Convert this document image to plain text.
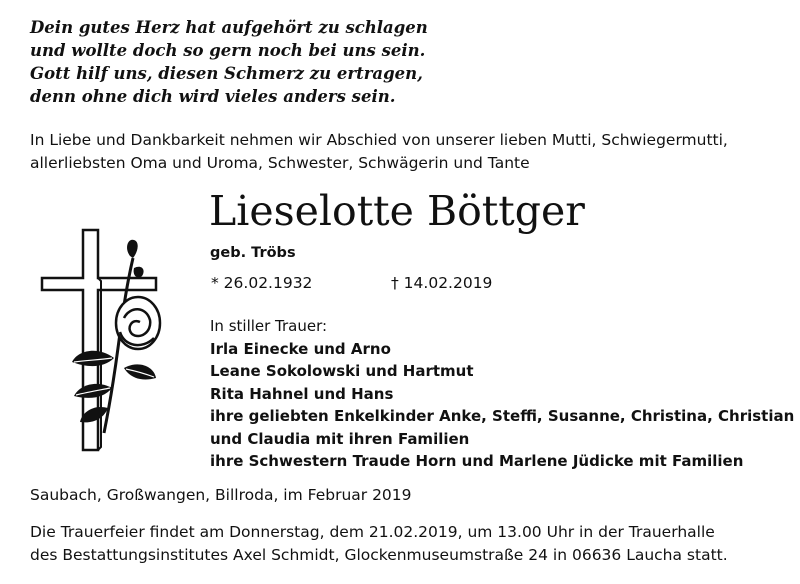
Dein gutes Herz hat aufgehört zu schlagen
und wollte doch so gern noch bei uns sein.
Gott hilf uns, diesen Schmerz zu ertragen,
denn ohne dich wird vieles anders sein.
In Liebe und Dankbarkeit nehmen wir Abschied von unserer lieben Mutti, Schwiegermutti,
allerliebsten Oma und Uroma, Schwester, Schwägerin und Tante
Lieselotte Böttger
geb. Tröbs
* 26.02.1932	† 14.02.2019
In stiller Trauer:
Irla Einecke und Arno
Leane Sokolowski und Hartmut
Rita Hahnel und Hans
ihre geliebten Enkelkinder Anke, Steffi, Susanne, Christina, Christian
und Claudia mit ihren Familien
ihre Schwestern Traude Horn und Marlene Jüdicke mit Familien
Saubach, Großwangen, Billroda, im Februar 2019
Die Trauerfeier findet am Donnerstag, dem 21.02.2019, um 13.00 Uhr in der Trauerhalle
des Bestattungsinstitutes Axel Schmidt, Glockenmuseumstraße 24 in 06636 Laucha statt.
